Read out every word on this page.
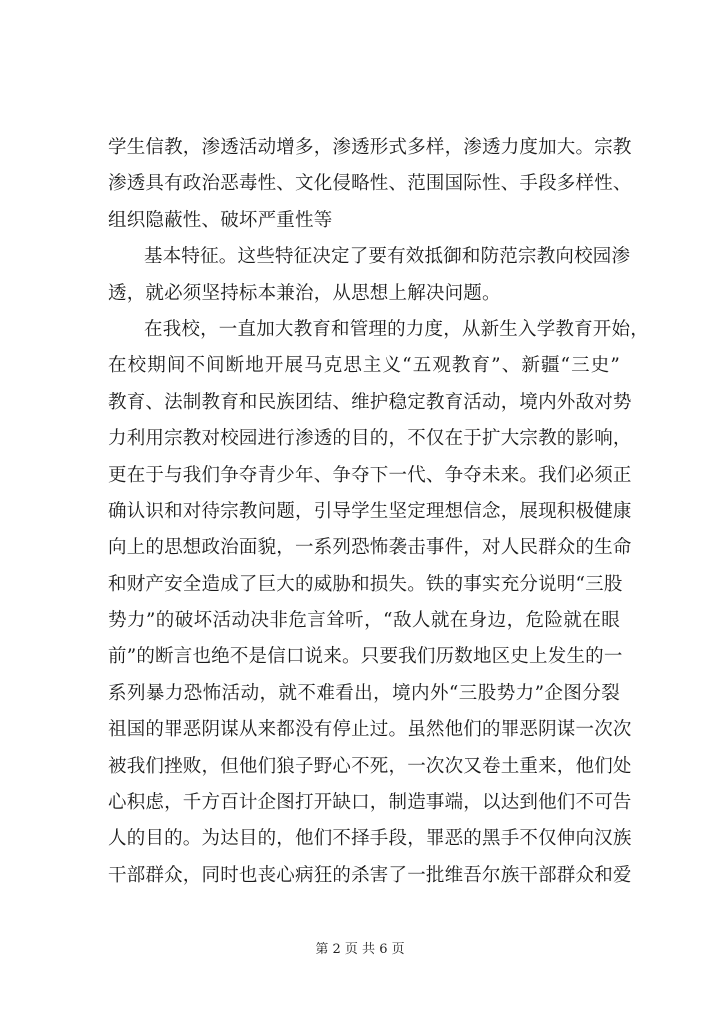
学生信教，渗透活动增多，渗透形式多样，渗透力度加大。宗教
渗透具有政治恶毒性、文化侵略性、范围国际性、手段多样性、
组织隐蔽性、破坏严重性等
基本特征。这些特征决定了要有效抵御和防范宗教向校园渗
透，就必须坚持标本兼治，从思想上解决问题。
在我校，一直加大教育和管理的力度，从新生入学教育开始，
在校期间不间断地开展马克思主义“五观教育”、新疆“三史”
教育、法制教育和民族团结、维护稳定教育活动，境内外敌对势
力利用宗教对校园进行渗透的目的，不仅在于扩大宗教的影响，
更在于与我们争夺青少年、争夺下一代、争夺未来。我们必须正
确认识和对待宗教问题，引导学生坚定理想信念，展现积极健康
向上的思想政治面貌，一系列恐怖袭击事件，对人民群众的生命
和财产安全造成了巨大的威胁和损失。铁的事实充分说明“三股
势力”的破坏活动决非危言耸听，“敌人就在身边，危险就在眼
前”的断言也绝不是信口说来。只要我们历数地区史上发生的一
系列暴力恐怖活动，就不难看出，境内外“三股势力”企图分裂
祖国的罪恶阴谋从来都没有停止过。虽然他们的罪恶阴谋一次次
被我们挫败，但他们狼子野心不死，一次次又卷土重来，他们处
心积虑，千方百计企图打开缺口，制造事端，以达到他们不可告
人的目的。为达目的，他们不择手段，罪恶的黑手不仅伸向汉族
干部群众，同时也丧心病狂的杀害了一批维吾尔族干部群众和爱
第 2 页 共 6 页
